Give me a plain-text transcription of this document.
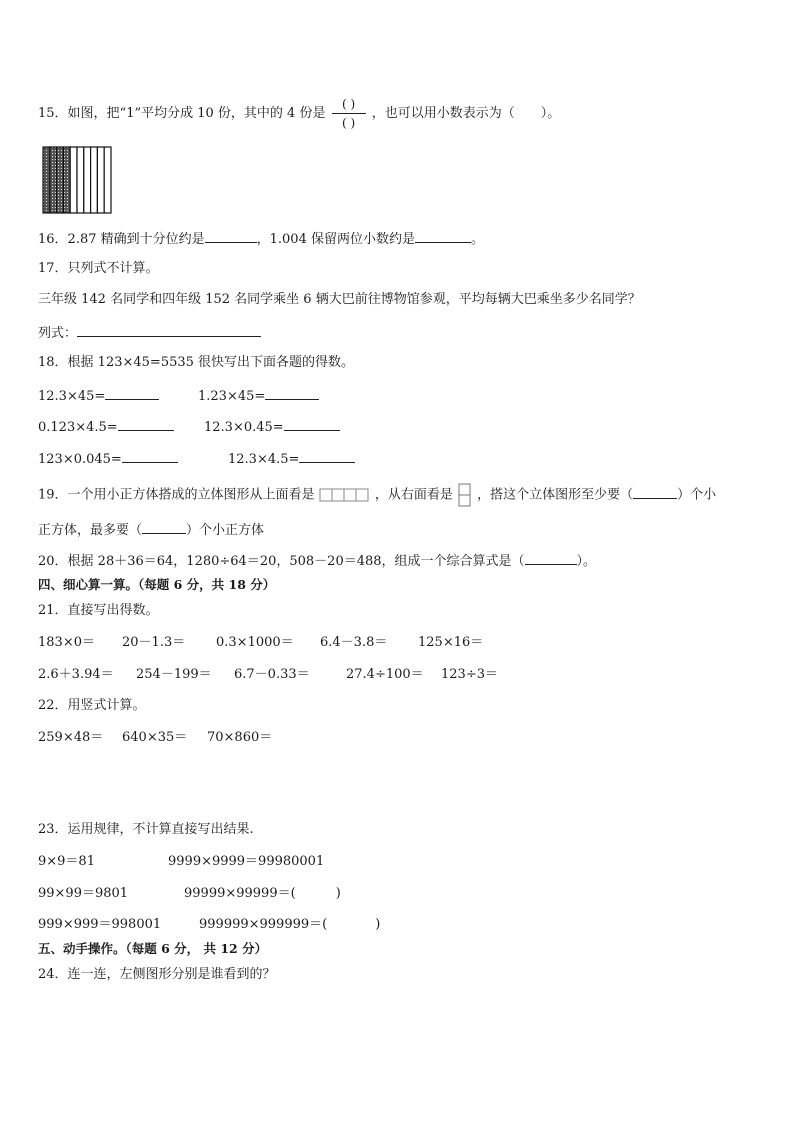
15．如图，把“1”平均分成 10 份，其中的 4 份是 $\frac{( )}{( )}$ ，也可以用小数表示为（　　）。
16．2.87 精确到十分位约是	，1.004 保留两位小数约是	。
17．只列式不计算。
三年级 142 名同学和四年级 152 名同学乘坐 6 辆大巴前往博物馆参观，平均每辆大巴乘坐多少名同学？
列式：
18．根据 123×45=5535 很快写出下面各题的得数。
12.3×45=	1.23×45=
0.123×4.5=	12.3×0.45=
123×0.045=	12.3×4.5=
19．一个用小正方体搭成的立体图形从上面看是	，从右面看是 ，搭这个立体图形至少要（	）个小
正方体，最多要（	）个小正方体
20．根据 28＋36＝64，1280÷64＝20，508－20＝488，组成一个综合算式是（	）。
四、细心算一算。（每题 6 分，共 18 分）
21．直接写出得数。
183×0＝ 20－1.3＝ 0.3×1000＝ 6.4－3.8＝ 125×16＝
2.6＋3.94＝ 254－199＝ 6.7－0.33＝	27.4÷100＝ 123÷3＝
22．用竖式计算。
259×48＝ 640×35＝ 70×860＝
23．运用规律，不计算直接写出结果.
9×9＝81	9999×9999＝99980001
99×99＝9801	99999×99999＝(	)
999×999＝998001	999999×999999＝(	)
五、动手操作。（每题 6 分， 共 12 分）
24．连一连，左侧图形分别是谁看到的？
